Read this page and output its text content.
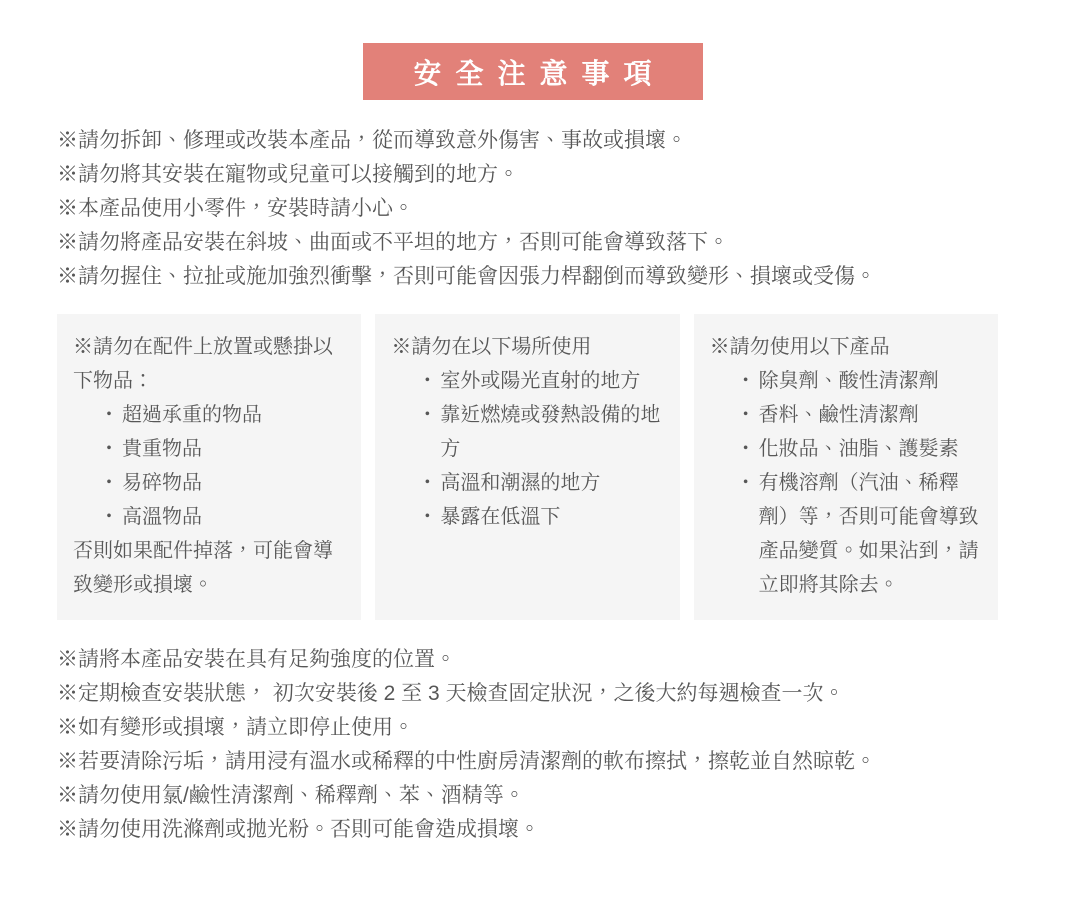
安全注意事項
※請勿拆卸、修理或改裝本產品，從而導致意外傷害、事故或損壞。
※請勿將其安裝在寵物或兒童可以接觸到的地方。
※本產品使用小零件，安裝時請小心。
※請勿將產品安裝在斜坡、曲面或不平坦的地方，否則可能會導致落下。
※請勿握住、拉扯或施加強烈衝擊，否則可能會因張力桿翻倒而導致變形、損壞或受傷。
※請勿在配件上放置或懸掛以下物品：
・ 超過承重的物品
・ 貴重物品
・ 易碎物品
・ 高溫物品
否則如果配件掉落，可能會導致變形或損壞。
※請勿在以下場所使用
・ 室外或陽光直射的地方
・ 靠近燃燒或發熱設備的地方
・ 高溫和潮濕的地方
・ 暴露在低溫下
※請勿使用以下產品
・ 除臭劑、酸性清潔劑
・ 香料、鹼性清潔劑
・ 化妝品、油脂、護髮素
・ 有機溶劑（汽油、稀釋劑）等，否則可能會導致產品變質。如果沾到，請立即將其除去。
※請將本產品安裝在具有足夠強度的位置。
※定期檢查安裝狀態， 初次安裝後 2 至 3 天檢查固定狀況，之後大約每週檢查一次。
※如有變形或損壞，請立即停止使用。
※若要清除污垢，請用浸有溫水或稀釋的中性廚房清潔劑的軟布擦拭，擦乾並自然晾乾。
※請勿使用氯/鹼性清潔劑、稀釋劑、苯、酒精等。
※請勿使用洗滌劑或拋光粉。否則可能會造成損壞。
